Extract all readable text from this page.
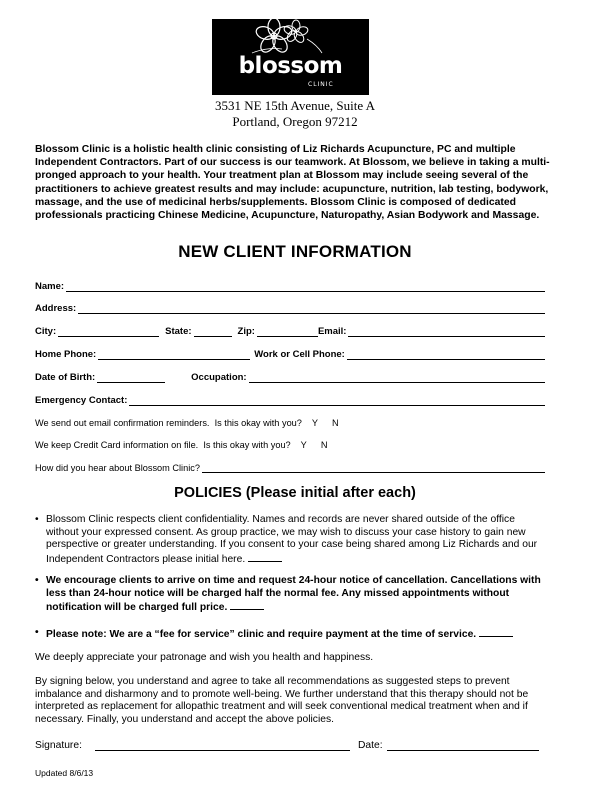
blossom
CLINIC
3531 NE 15th Avenue, Suite A
Portland, Oregon 97212
Blossom Clinic is a holistic health clinic consisting of Liz Richards Acupuncture, PC and multiple Independent Contractors. Part of our success is our teamwork. At Blossom, we believe in taking a multi-pronged approach to your health. Your treatment plan at Blossom may include seeing several of the practitioners to achieve greatest results and may include: acupuncture, nutrition, lab testing, bodywork, massage, and the use of medicinal herbs/supplements. Blossom Clinic is composed of dedicated professionals practicing Chinese Medicine, Acupuncture, Naturopathy, Asian Bodywork and Massage.
NEW CLIENT INFORMATION
Name:
Address:
City:	State:	Zip:	Email:
Home Phone:	Work or Cell Phone:
Date of Birth:	Occupation:
Emergency Contact:
We send out email confirmation reminders.  Is this okay with you? Y N
We keep Credit Card information on file.  Is this okay with you? Y N
How did you hear about Blossom Clinic?
POLICIES (Please initial after each)
• Blossom Clinic respects client confidentiality. Names and records are never shared outside of the office without your expressed consent. As group practice, we may wish to discuss your case history to gain new perspective or greater understanding. If you consent to your case being shared among Liz Richards and our Independent Contractors please initial here.
• We encourage clients to arrive on time and request 24-hour notice of cancellation. Cancellations with less than 24-hour notice will be charged half the normal fee. Any missed appointments without notification will be charged full price.
• Please note: We are a “fee for service” clinic and require payment at the time of service.
We deeply appreciate your patronage and wish you health and happiness.
By signing below, you understand and agree to take all recommendations as suggested steps to prevent imbalance and disharmony and to promote well-being. We further understand that this therapy should not be interpreted as replacement for allopathic treatment and will seek conventional medical treatment when and if necessary. Finally, you understand and accept the above policies.
Signature:	Date:
Updated 8/6/13
